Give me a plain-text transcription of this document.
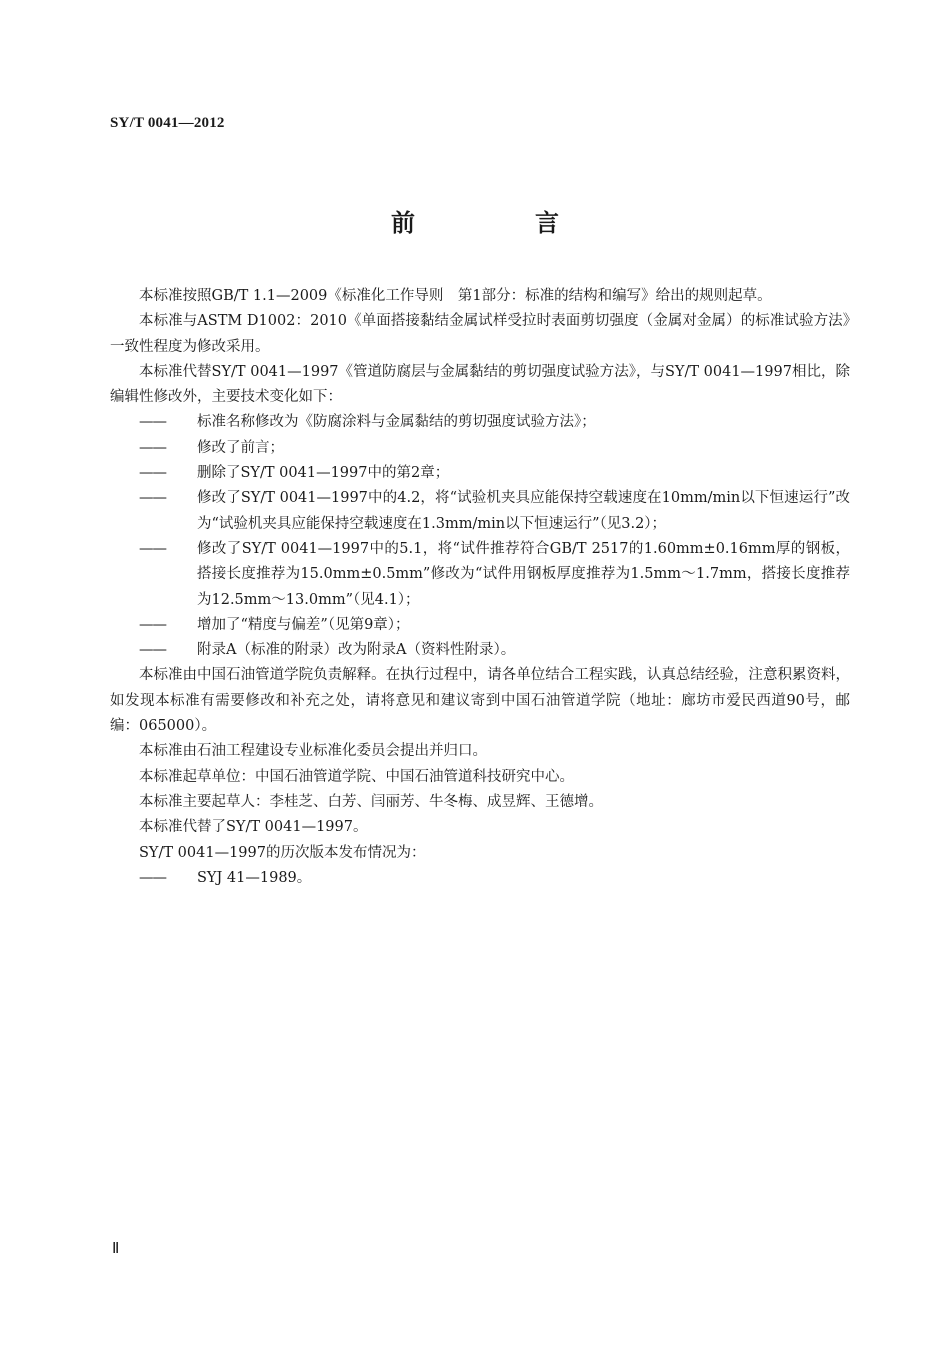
SY/T 0041—2012
前　言

本标准按照GB/T 1.1—2009《标准化工作导则　第1部分：标准的结构和编写》给出的规则起草。

本标准与ASTM D1002：2010《单面搭接黏结金属试样受拉时表面剪切强度（金属对金属）的标准试验方法》一致性程度为修改采用。

本标准代替SY/T 0041—1997《管道防腐层与金属黏结的剪切强度试验方法》，与SY/T 0041—1997相比，除编辑性修改外，主要技术变化如下：

——	标准名称修改为《防腐涂料与金属黏结的剪切强度试验方法》；
——	修改了前言；
——	删除了SY/T 0041—1997中的第2章；
——	修改了SY/T 0041—1997中的4.2，将“试验机夹具应能保持空载速度在10mm/min以下恒速运行”改为“试验机夹具应能保持空载速度在1.3mm/min以下恒速运行”（见3.2）；
——	修改了SY/T 0041—1997中的5.1，将“试件推荐符合GB/T 2517的1.60mm±0.16mm厚的钢板，搭接长度推荐为15.0mm±0.5mm”修改为“试件用钢板厚度推荐为1.5mm～1.7mm，搭接长度推荐为12.5mm～13.0mm”（见4.1）；
——	增加了“精度与偏差”（见第9章）；
——	附录A（标准的附录）改为附录A（资料性附录）。

本标准由中国石油管道学院负责解释。在执行过程中，请各单位结合工程实践，认真总结经验，注意积累资料，如发现本标准有需要修改和补充之处，请将意见和建议寄到中国石油管道学院（地址：廊坊市爱民西道90号，邮编：065000）。

本标准由石油工程建设专业标准化委员会提出并归口。

本标准起草单位：中国石油管道学院、中国石油管道科技研究中心。

本标准主要起草人：李桂芝、白芳、闫丽芳、牛冬梅、成昱辉、王德增。

本标准代替了SY/T 0041—1997。

SY/T 0041—1997的历次版本发布情况为：

——	SYJ 41—1989。
Ⅱ
